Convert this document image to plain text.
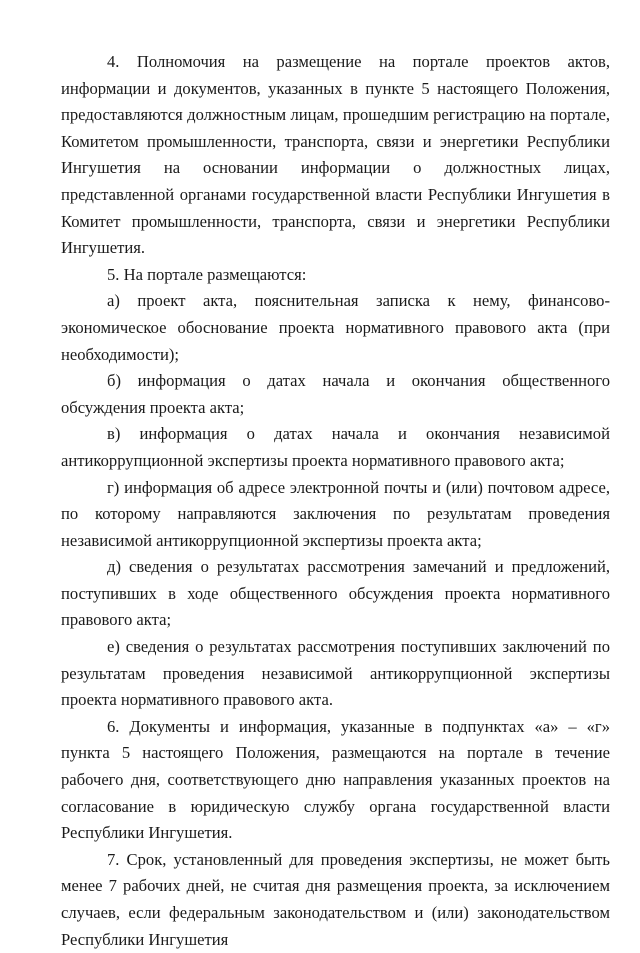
4. Полномочия на размещение на портале проектов актов, информации и документов, указанных в пункте 5 настоящего Положения, предоставляются должностным лицам, прошедшим регистрацию на портале, Комитетом промышленности, транспорта, связи и энергетики Республики Ингушетия на основании информации о должностных лицах, представленной органами государственной власти Республики Ингушетия в Комитет промышленности, транспорта, связи и энергетики Республики Ингушетия.

5. На портале размещаются:

а) проект акта, пояснительная записка к нему, финансово-экономическое обоснование проекта нормативного правового акта (при необходимости);

б) информация о датах начала и окончания общественного обсуждения проекта акта;

в) информация о датах начала и окончания независимой антикоррупционной экспертизы проекта нормативного правового акта;

г) информация об адресе электронной почты и (или) почтовом адресе, по которому направляются заключения по результатам проведения независимой антикоррупционной экспертизы проекта акта;

д) сведения о результатах рассмотрения замечаний и предложений, поступивших в ходе общественного обсуждения проекта нормативного правового акта;

е) сведения о результатах рассмотрения поступивших заключений по результатам проведения независимой антикоррупционной экспертизы проекта нормативного правового акта.

6. Документы и информация, указанные в подпунктах «а» – «г» пункта 5 настоящего Положения, размещаются на портале в течение рабочего дня, соответствующего дню направления указанных проектов на согласование в юридическую службу органа государственной власти Республики Ингушетия.

7. Срок, установленный для проведения экспертизы, не может быть менее 7 рабочих дней, не считая дня размещения проекта, за исключением случаев, если федеральным законодательством и (или) законодательством Республики Ингушетия
